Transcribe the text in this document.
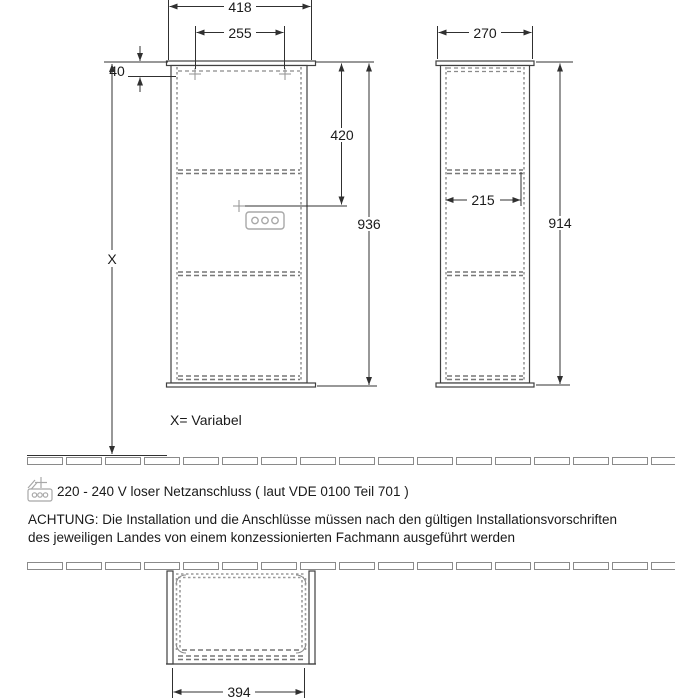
418
255
40
X
420
936
270
215
914
X= Variabel
220 - 240 V loser Netzanschluss ( laut VDE 0100 Teil 701 )
ACHTUNG: Die Installation und die Anschlüsse müssen nach den gültigen Installationsvorschriften
des jeweiligen Landes von einem konzessionierten Fachmann ausgeführt werden
394
